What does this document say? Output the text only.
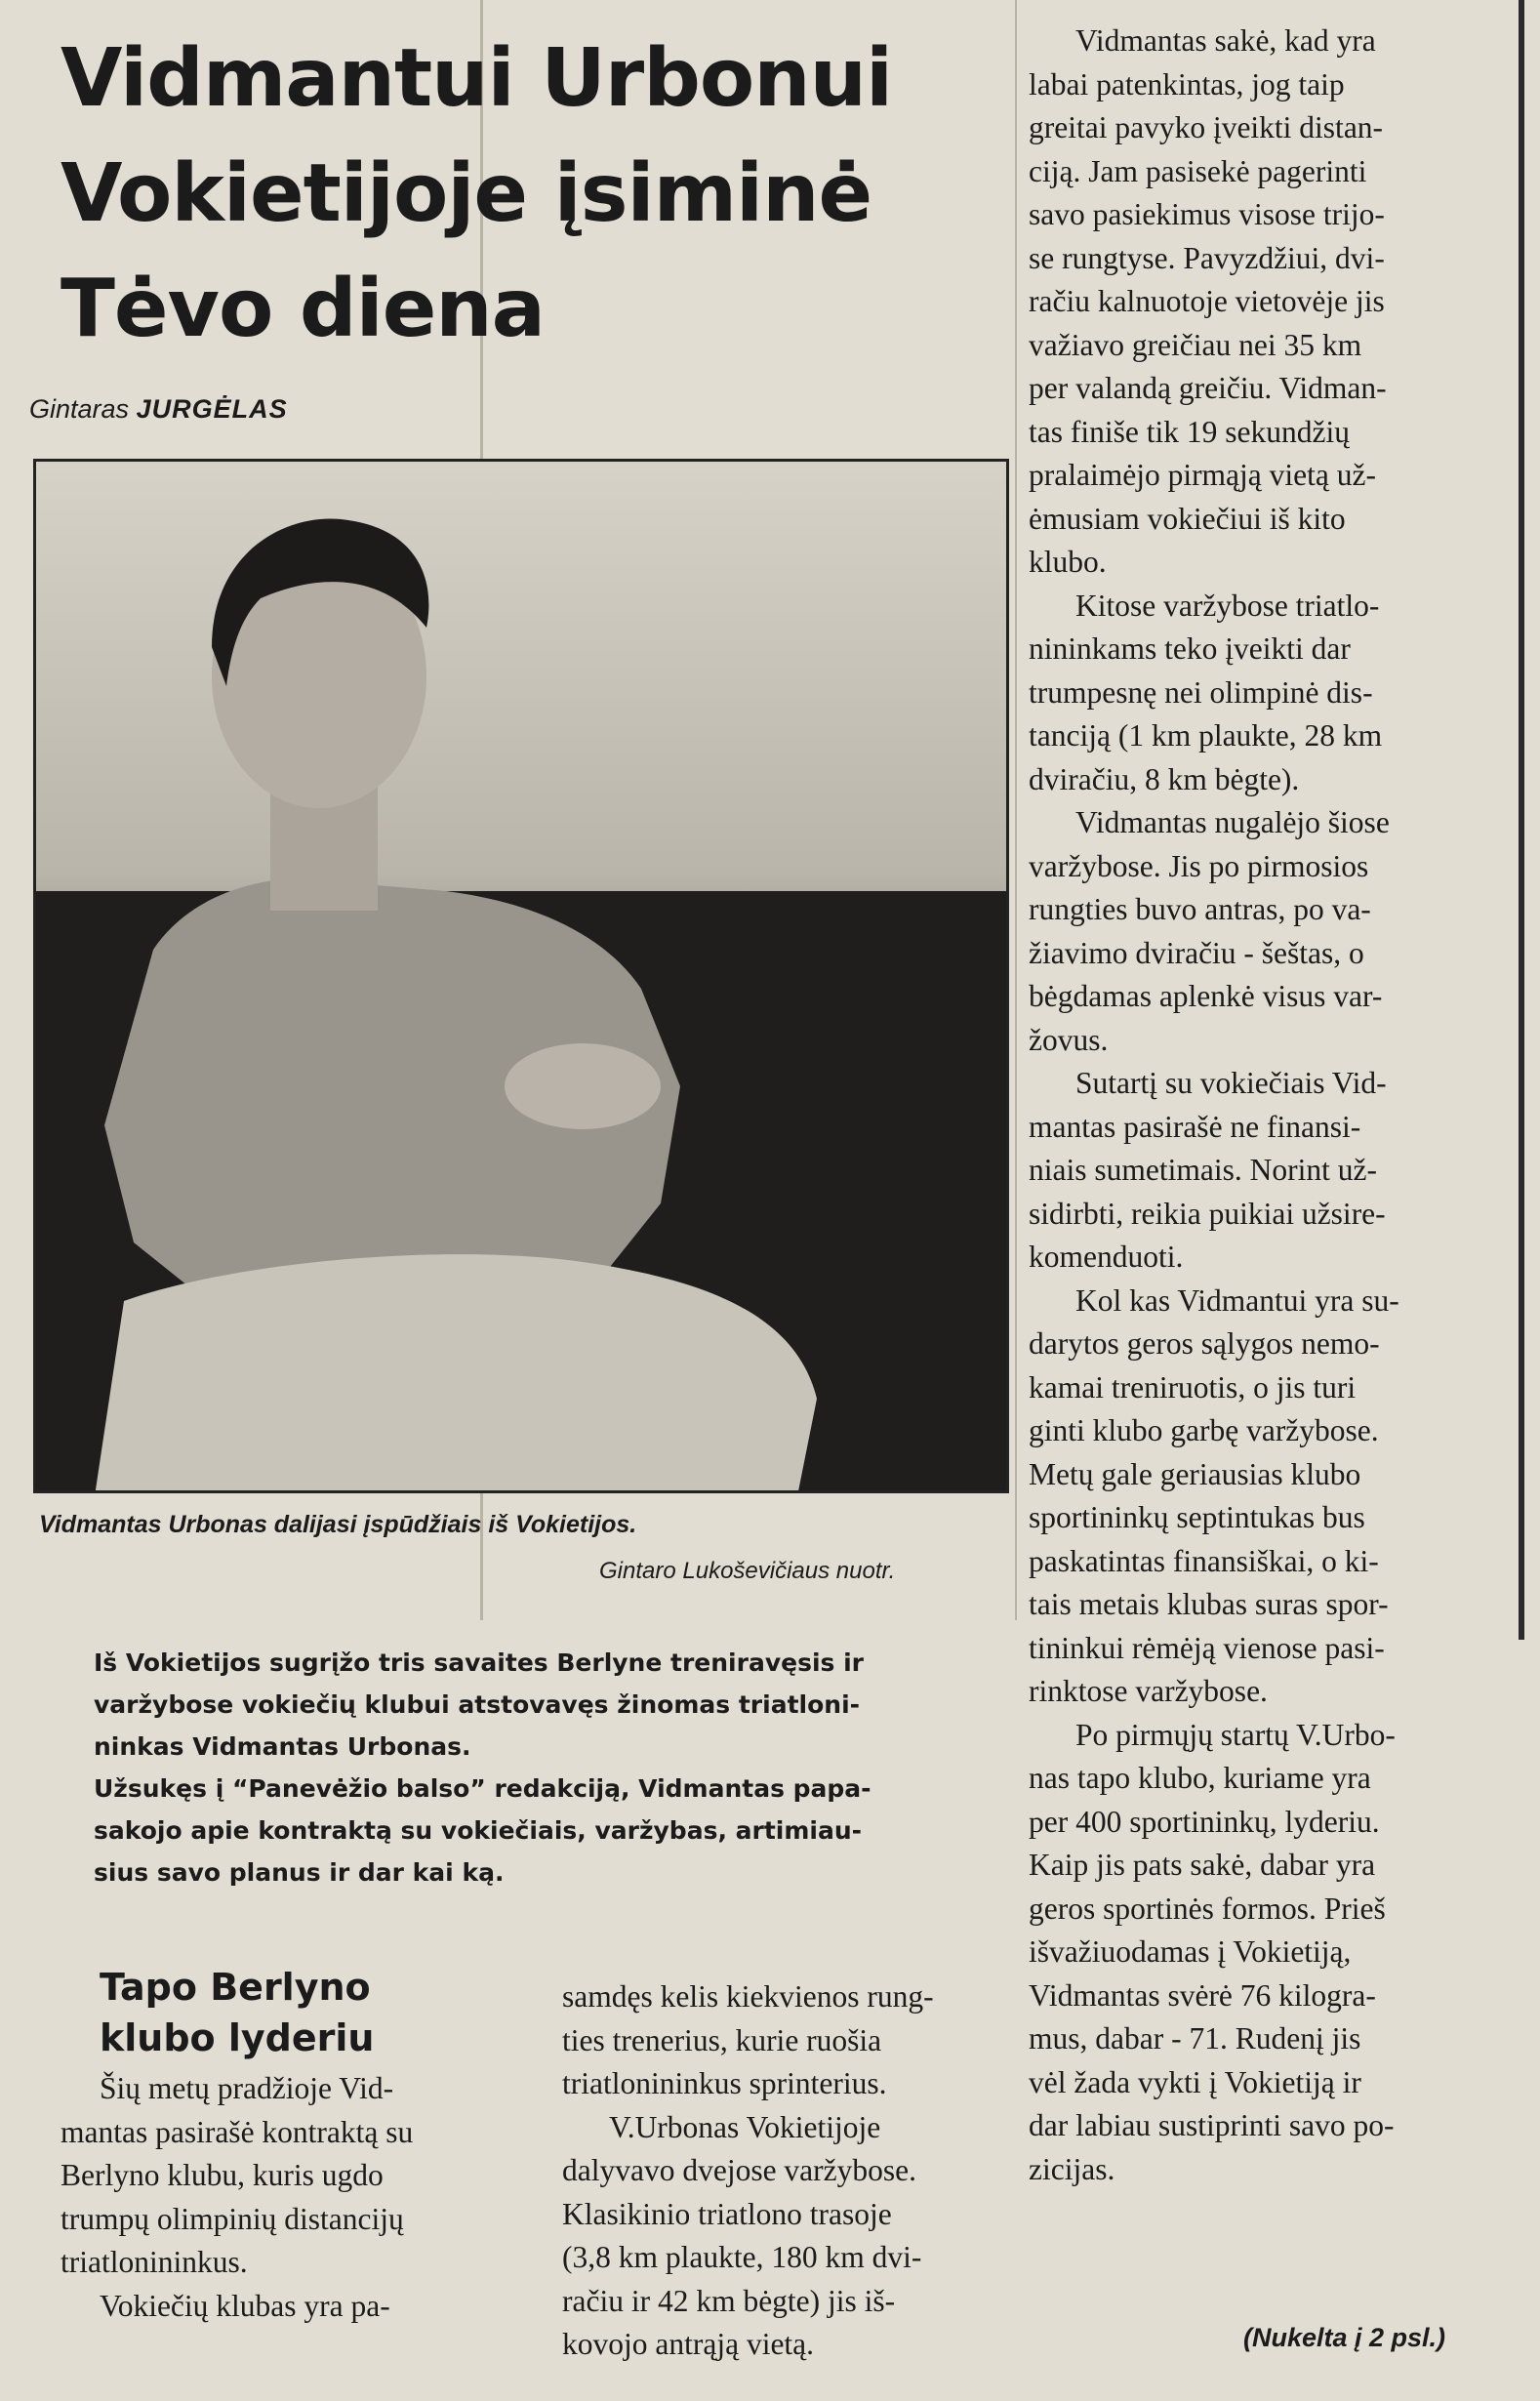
Vidmantui Urbonui
Vokietijoje įsiminė
Tėvo diena
Gintaras JURGĖLAS
Vidmantas Urbonas dalijasi įspūdžiais iš Vokietijos.
Gintaro Lukoševičiaus nuotr.

Iš Vokietijos sugrįžo tris savaites Berlyne treniravęsis ir

varžybose vokiečių klubui atstovavęs žinomas triatloni-

ninkas Vidmantas Urbonas.

Užsukęs į “Panevėžio balso” redakciją, Vidmantas papa-

sakojo apie kontraktą su vokiečiais, varžybas, artimiau-

sius savo planus ir dar kai ką.

Tapo Berlyno
klubo lyderiu

Šių metų pradžioje Vid-

mantas pasirašė kontraktą su

Berlyno klubu, kuris ugdo

trumpų olimpinių distancijų

triatlonininkus.

Vokiečių klubas yra pa-

samdęs kelis kiekvienos rung-

ties trenerius, kurie ruošia

triatlonininkus sprinterius.

V.Urbonas Vokietijoje

dalyvavo dvejose varžybose.

Klasikinio triatlono trasoje

(3,8 km plaukte, 180 km dvi-

račiu ir 42 km bėgte) jis iš-

kovojo antrąją vietą.

Vidmantas sakė, kad yra

labai patenkintas, jog taip

greitai pavyko įveikti distan-

ciją. Jam pasisekė pagerinti

savo pasiekimus visose trijo-

se rungtyse. Pavyzdžiui, dvi-

račiu kalnuotoje vietovėje jis

važiavo greičiau nei 35 km

per valandą greičiu. Vidman-

tas finiše tik 19 sekundžių

pralaimėjo pirmąją vietą už-

ėmusiam vokiečiui iš kito

klubo.

Kitose varžybose triatlo-

nininkams teko įveikti dar

trumpesnę nei olimpinė dis-

tanciją (1 km plaukte, 28 km

dviračiu, 8 km bėgte).

Vidmantas nugalėjo šiose

varžybose. Jis po pirmosios

rungties buvo antras, po va-

žiavimo dviračiu - šeštas, o

bėgdamas aplenkė visus var-

žovus.

Sutartį su vokiečiais Vid-

mantas pasirašė ne finansi-

niais sumetimais. Norint už-

sidirbti, reikia puikiai užsire-

komenduoti.

Kol kas Vidmantui yra su-

darytos geros sąlygos nemo-

kamai treniruotis, o jis turi

ginti klubo garbę varžybose.

Metų gale geriausias klubo

sportininkų septintukas bus

paskatintas finansiškai, o ki-

tais metais klubas suras spor-

tininkui rėmėją vienose pasi-

rinktose varžybose.

Po pirmųjų startų V.Urbo-

nas tapo klubo, kuriame yra

per 400 sportininkų, lyderiu.

Kaip jis pats sakė, dabar yra

geros sportinės formos. Prieš

išvažiuodamas į Vokietiją,

Vidmantas svėrė 76 kilogra-

mus, dabar - 71. Rudenį jis

vėl žada vykti į Vokietiją ir

dar labiau sustiprinti savo po-

zicijas.

(Nukelta į 2 psl.)
